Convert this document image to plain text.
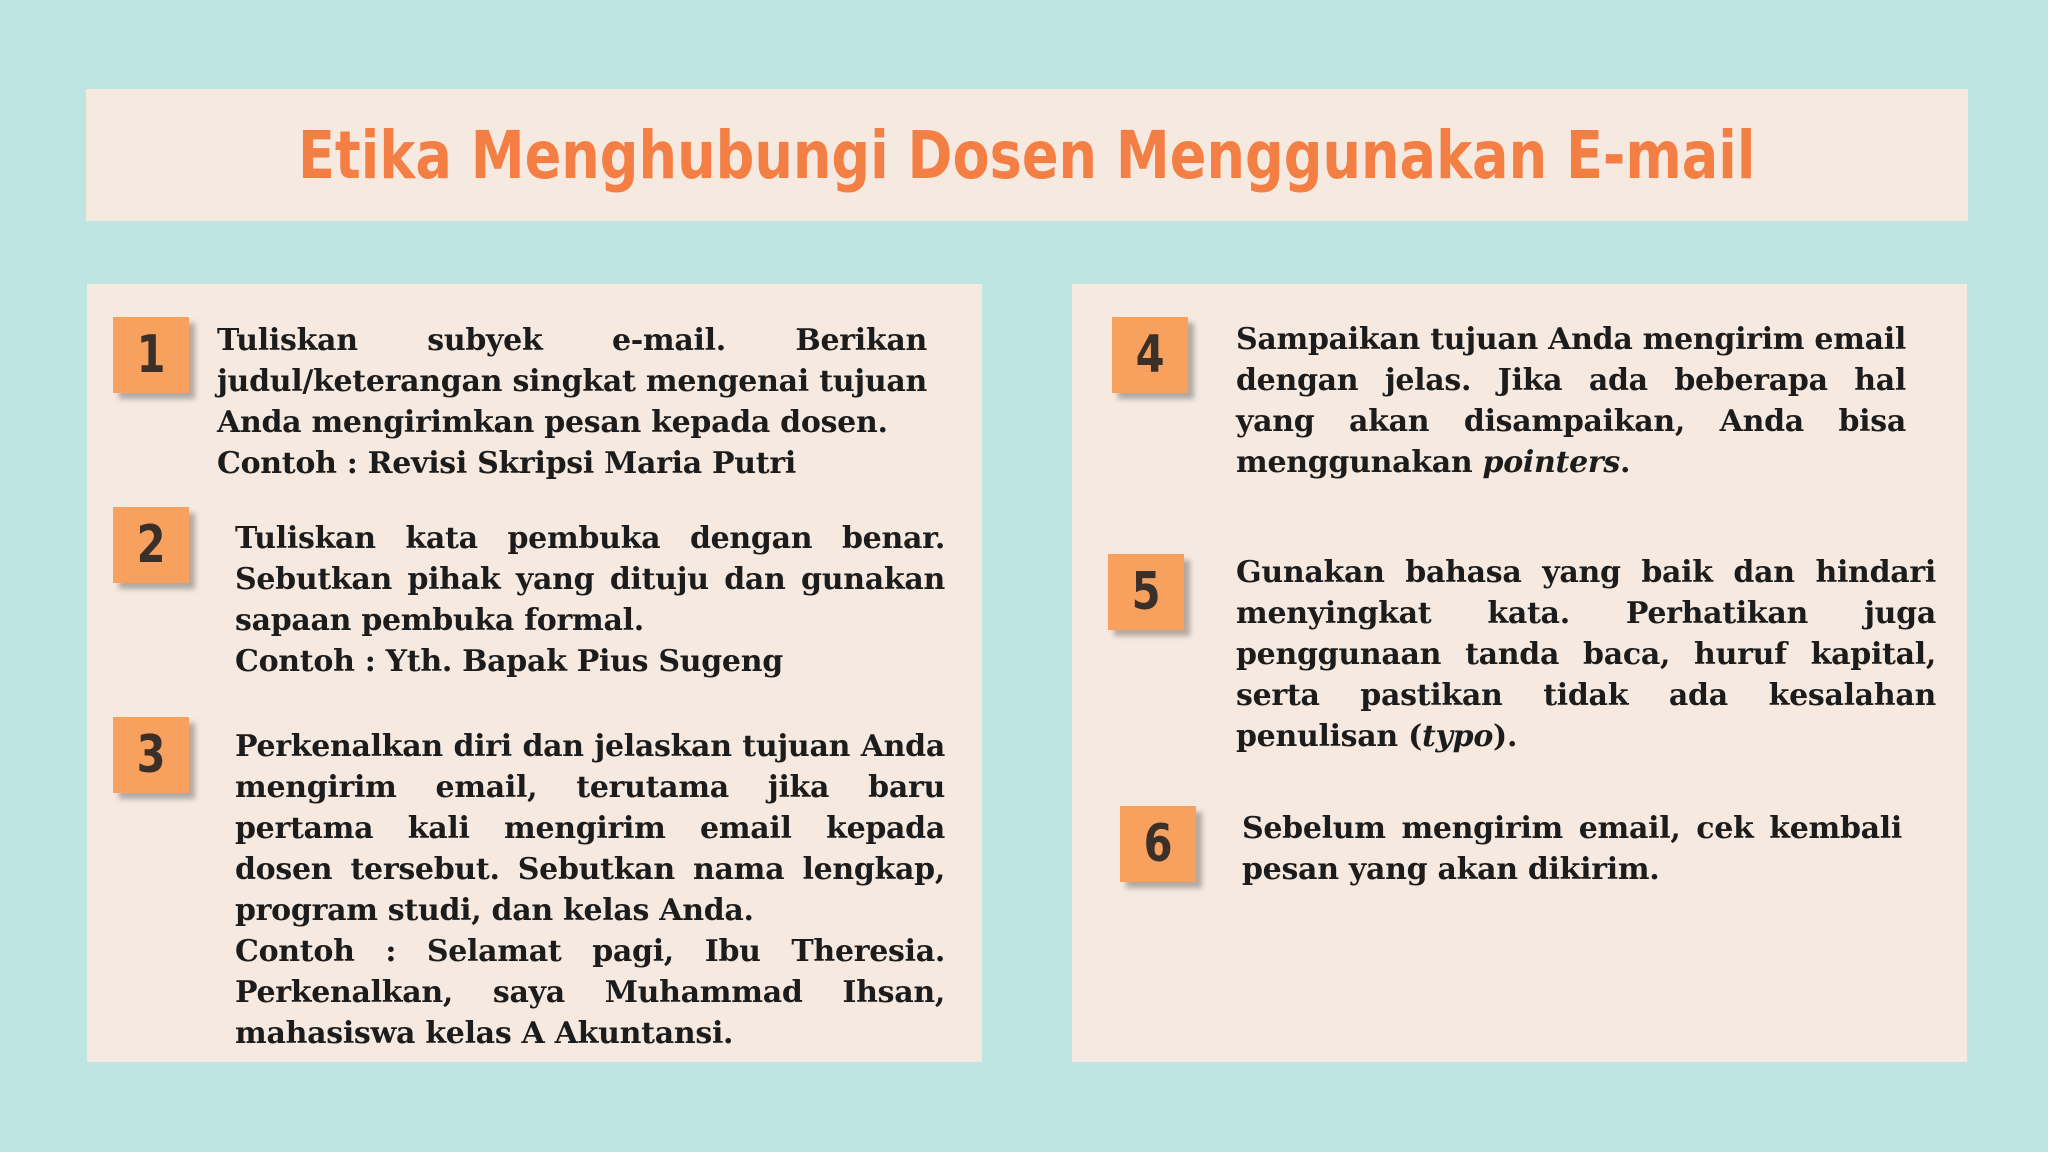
Etika Menghubungi Dosen Menggunakan E-mail
1 Tuliskan subyek e-mail. Berikan judul/keterangan singkat mengenai tujuan Anda mengirimkan pesan kepada dosen.

Contoh : Revisi Skripsi Maria Putri

2 Tuliskan kata pembuka dengan benar. Sebutkan pihak yang dituju dan gunakan sapaan pembuka formal.

Contoh : Yth. Bapak Pius Sugeng

3 Perkenalkan diri dan jelaskan tujuan Anda mengirim email, terutama jika baru pertama kali mengirim email kepada dosen tersebut. Sebutkan nama lengkap, program studi, dan kelas Anda.

Contoh : Selamat pagi, Ibu Theresia. Perkenalkan, saya Muhammad Ihsan, mahasiswa kelas A Akuntansi.

4 Sampaikan tujuan Anda mengirim email dengan jelas. Jika ada beberapa hal yang akan disampaikan, Anda bisa menggunakan pointers.

5	Gunakan bahasa yang baik dan hindari menyingkat kata. Perhatikan juga penggunaan tanda baca, huruf kapital, serta pastikan tidak ada kesalahan penulisan (typo).

6 Sebelum mengirim email, cek kembali pesan yang akan dikirim.
